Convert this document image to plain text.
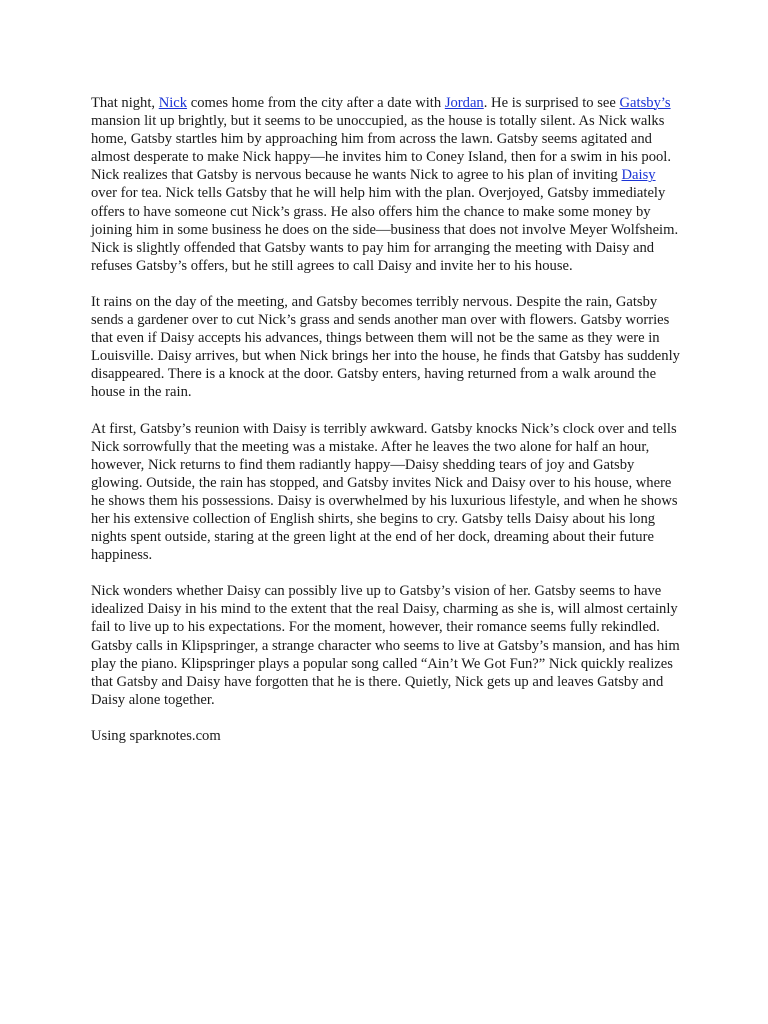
That night, Nick comes home from the city after a date with Jordan. He is surprised to see Gatsby’s mansion lit up brightly, but it seems to be unoccupied, as the house is totally silent. As Nick walks home, Gatsby startles him by approaching him from across the lawn. Gatsby seems agitated and almost desperate to make Nick happy—he invites him to Coney Island, then for a swim in his pool. Nick realizes that Gatsby is nervous because he wants Nick to agree to his plan of inviting Daisy over for tea. Nick tells Gatsby that he will help him with the plan. Overjoyed, Gatsby immediately offers to have someone cut Nick’s grass. He also offers him the chance to make some money by joining him in some business he does on the side—business that does not involve Meyer Wolfsheim. Nick is slightly offended that Gatsby wants to pay him for arranging the meeting with Daisy and refuses Gatsby’s offers, but he still agrees to call Daisy and invite her to his house.

It rains on the day of the meeting, and Gatsby becomes terribly nervous. Despite the rain, Gatsby sends a gardener over to cut Nick’s grass and sends another man over with flowers. Gatsby worries that even if Daisy accepts his advances, things between them will not be the same as they were in Louisville. Daisy arrives, but when Nick brings her into the house, he finds that Gatsby has suddenly disappeared. There is a knock at the door. Gatsby enters, having returned from a walk around the house in the rain.

At first, Gatsby’s reunion with Daisy is terribly awkward. Gatsby knocks Nick’s clock over and tells Nick sorrowfully that the meeting was a mistake. After he leaves the two alone for half an hour, however, Nick returns to find them radiantly happy—Daisy shedding tears of joy and Gatsby glowing. Outside, the rain has stopped, and Gatsby invites Nick and Daisy over to his house, where he shows them his possessions. Daisy is overwhelmed by his luxurious lifestyle, and when he shows her his extensive collection of English shirts, she begins to cry. Gatsby tells Daisy about his long nights spent outside, staring at the green light at the end of her dock, dreaming about their future happiness.

Nick wonders whether Daisy can possibly live up to Gatsby’s vision of her. Gatsby seems to have idealized Daisy in his mind to the extent that the real Daisy, charming as she is, will almost certainly fail to live up to his expectations. For the moment, however, their romance seems fully rekindled. Gatsby calls in Klipspringer, a strange character who seems to live at Gatsby’s mansion, and has him play the piano. Klipspringer plays a popular song called “Ain’t We Got Fun?” Nick quickly realizes that Gatsby and Daisy have forgotten that he is there. Quietly, Nick gets up and leaves Gatsby and Daisy alone together.

Using sparknotes.com
